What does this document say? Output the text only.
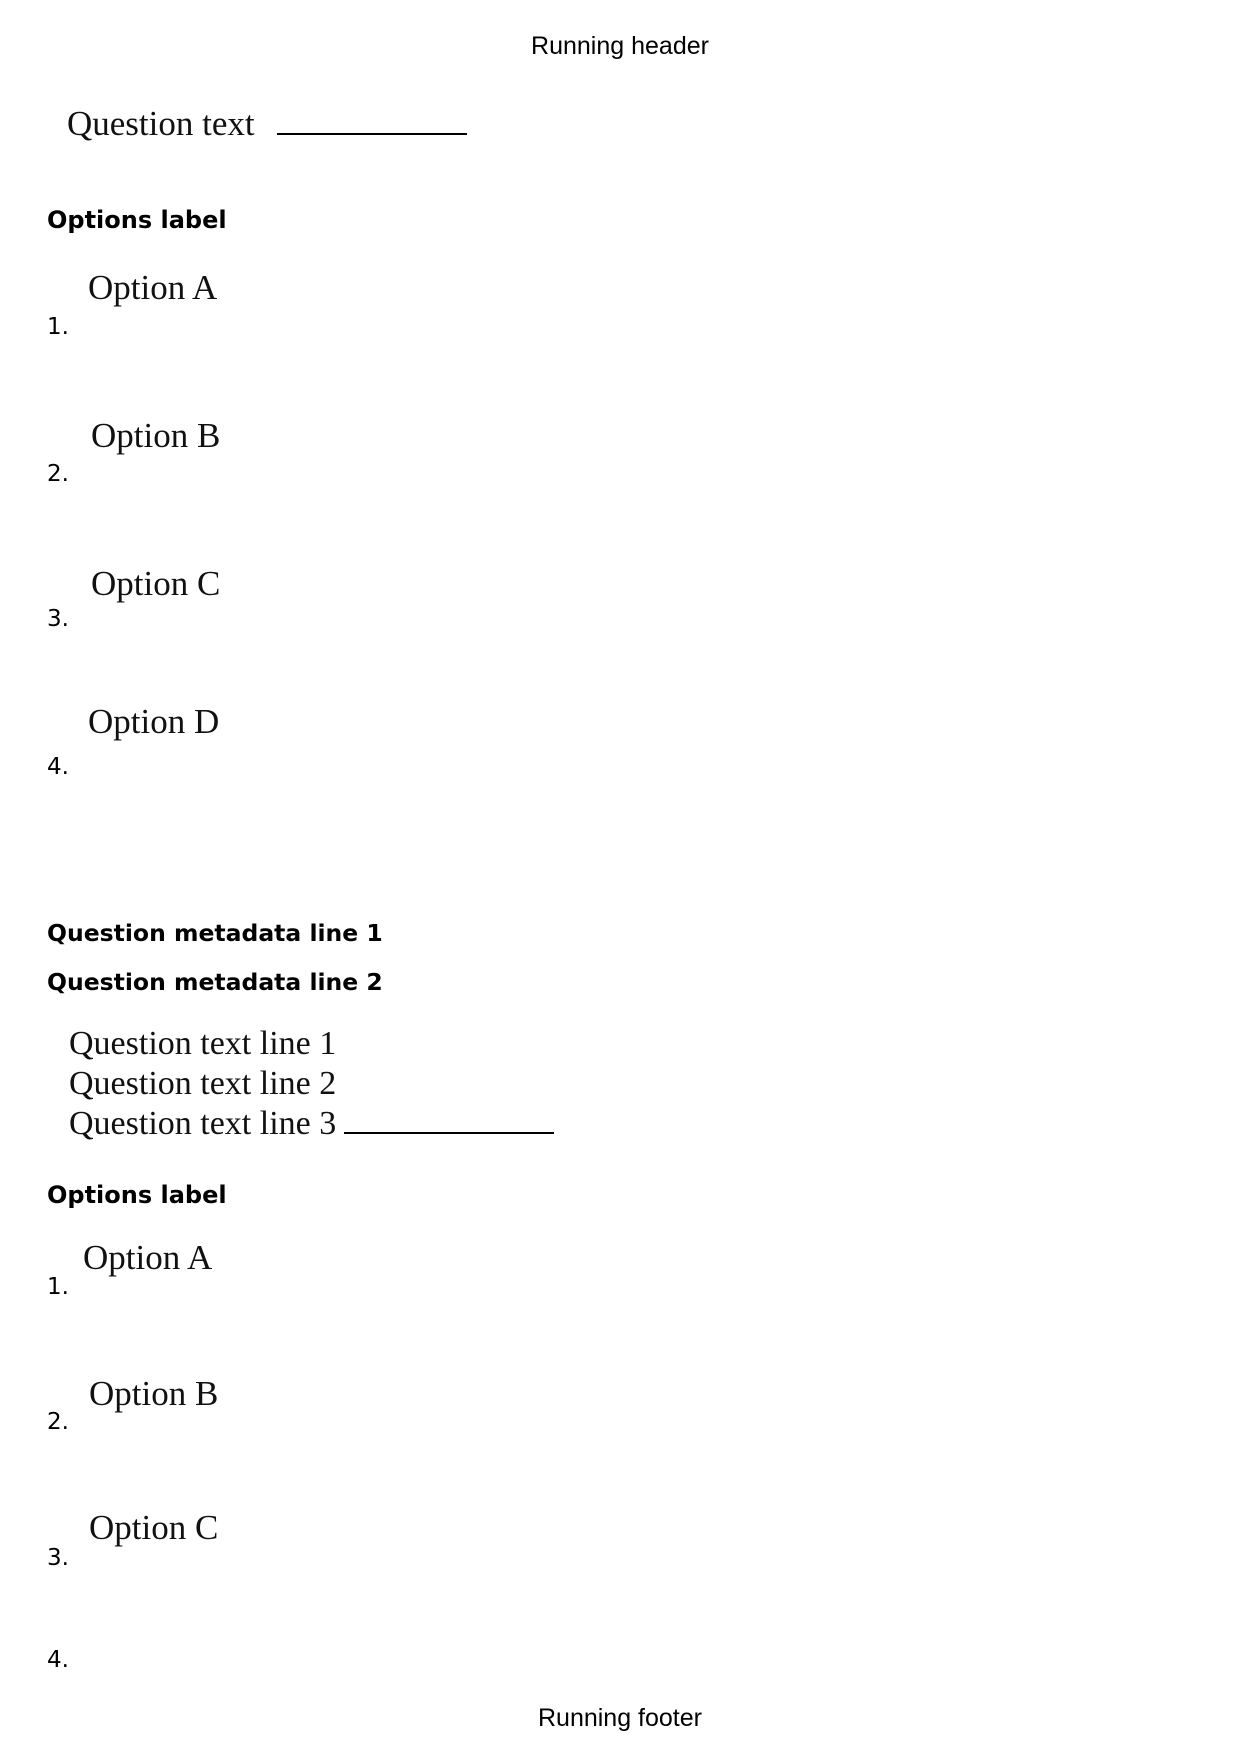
Running header
Question text
Options label
Option A
1.
Option B
2.
Option C
3.
Option D
4.
Question metadata line 1
Question metadata line 2
Question text line 1
Question text line 2
Question text line 3
Options label
Option A
1.
Option B
2.
Option C
3.
4.
Running footer
